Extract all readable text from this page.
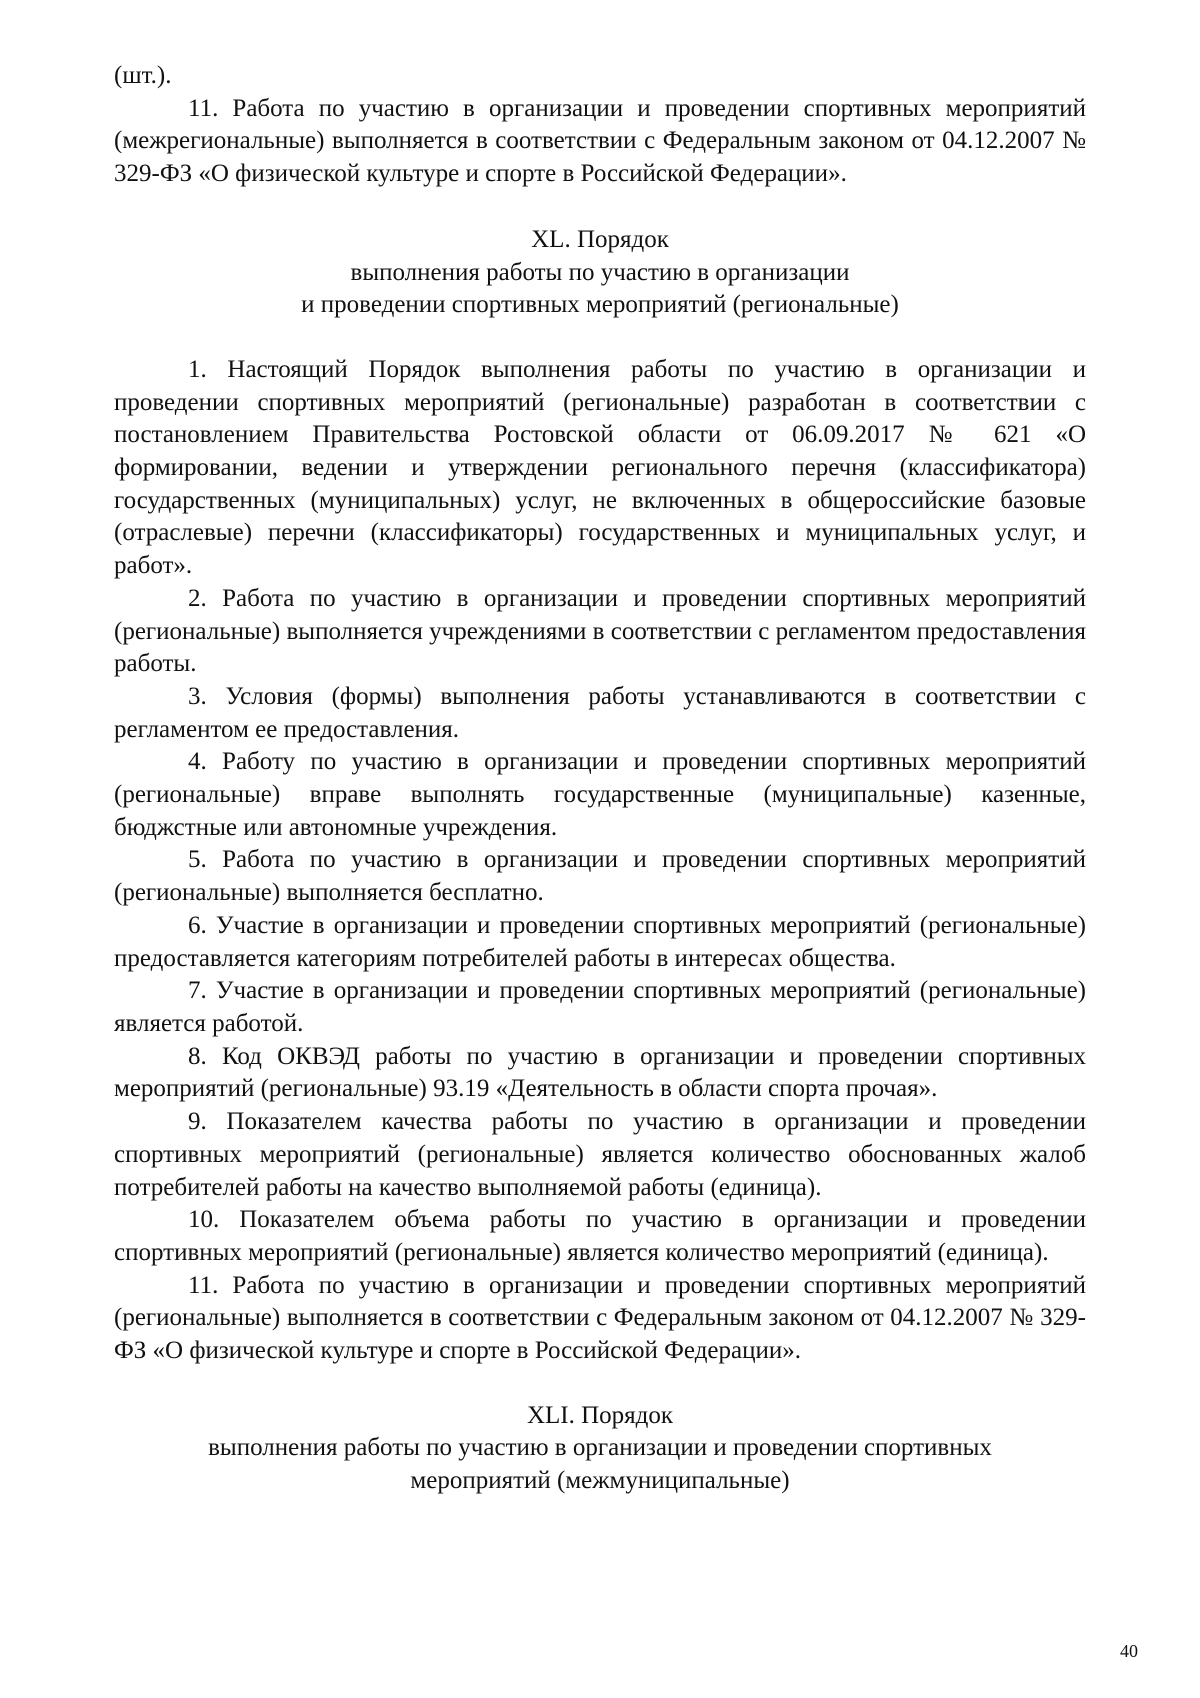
(шт.).

11. Работа по участию в организации и проведении спортивных мероприятий (межрегиональные) выполняется в соответствии с Федеральным законом от 04.12.2007 № 329-ФЗ «О физической культуре и спорте в Российской Федерации».

XL. Порядок

выполнения работы по участию в организации

и проведении спортивных мероприятий (региональные)

1. Настоящий Порядок выполнения работы по участию в организации и проведении спортивных мероприятий (региональные) разработан в соответствии с постановлением Правительства Ростовской области от 06.09.2017 № 621 «О формировании, ведении и утверждении регионального перечня (классификатора) государственных (муниципальных) услуг, не включенных в общероссийские базовые (отраслевые) перечни (классификаторы) государственных и муниципальных услуг, и работ».

2. Работа по участию в организации и проведении спортивных мероприятий (региональные) выполняется учреждениями в соответствии с регламентом предоставления работы.

3. Условия (формы) выполнения работы устанавливаются в соответствии с регламентом ее предоставления.

4. Работу по участию в организации и проведении спортивных мероприятий (региональные) вправе выполнять государственные (муниципальные) казенные, бюджстные или автономные учреждения.

5. Работа по участию в организации и проведении спортивных мероприятий (региональные) выполняется бесплатно.

6. Участие в организации и проведении спортивных мероприятий (региональные) предоставляется категориям потребителей работы в интересах общества.

7. Участие в организации и проведении спортивных мероприятий (региональные) является работой.

8. Код ОКВЭД работы по участию в организации и проведении спортивных мероприятий (региональные) 93.19 «Деятельность в области спорта прочая».

9. Показателем качества работы по участию в организации и проведении спортивных мероприятий (региональные) является количество обоснованных жалоб потребителей работы на качество выполняемой работы (единица).

10. Показателем объема работы по участию в организации и проведении спортивных мероприятий (региональные) является количество мероприятий (единица).

11. Работа по участию в организации и проведении спортивных мероприятий (региональные) выполняется в соответствии с Федеральным законом от 04.12.2007 № 329-ФЗ «О физической культуре и спорте в Российской Федерации».

XLI. Порядок

выполнения работы по участию в организации и проведении спортивных

мероприятий (межмуниципальные)

40
